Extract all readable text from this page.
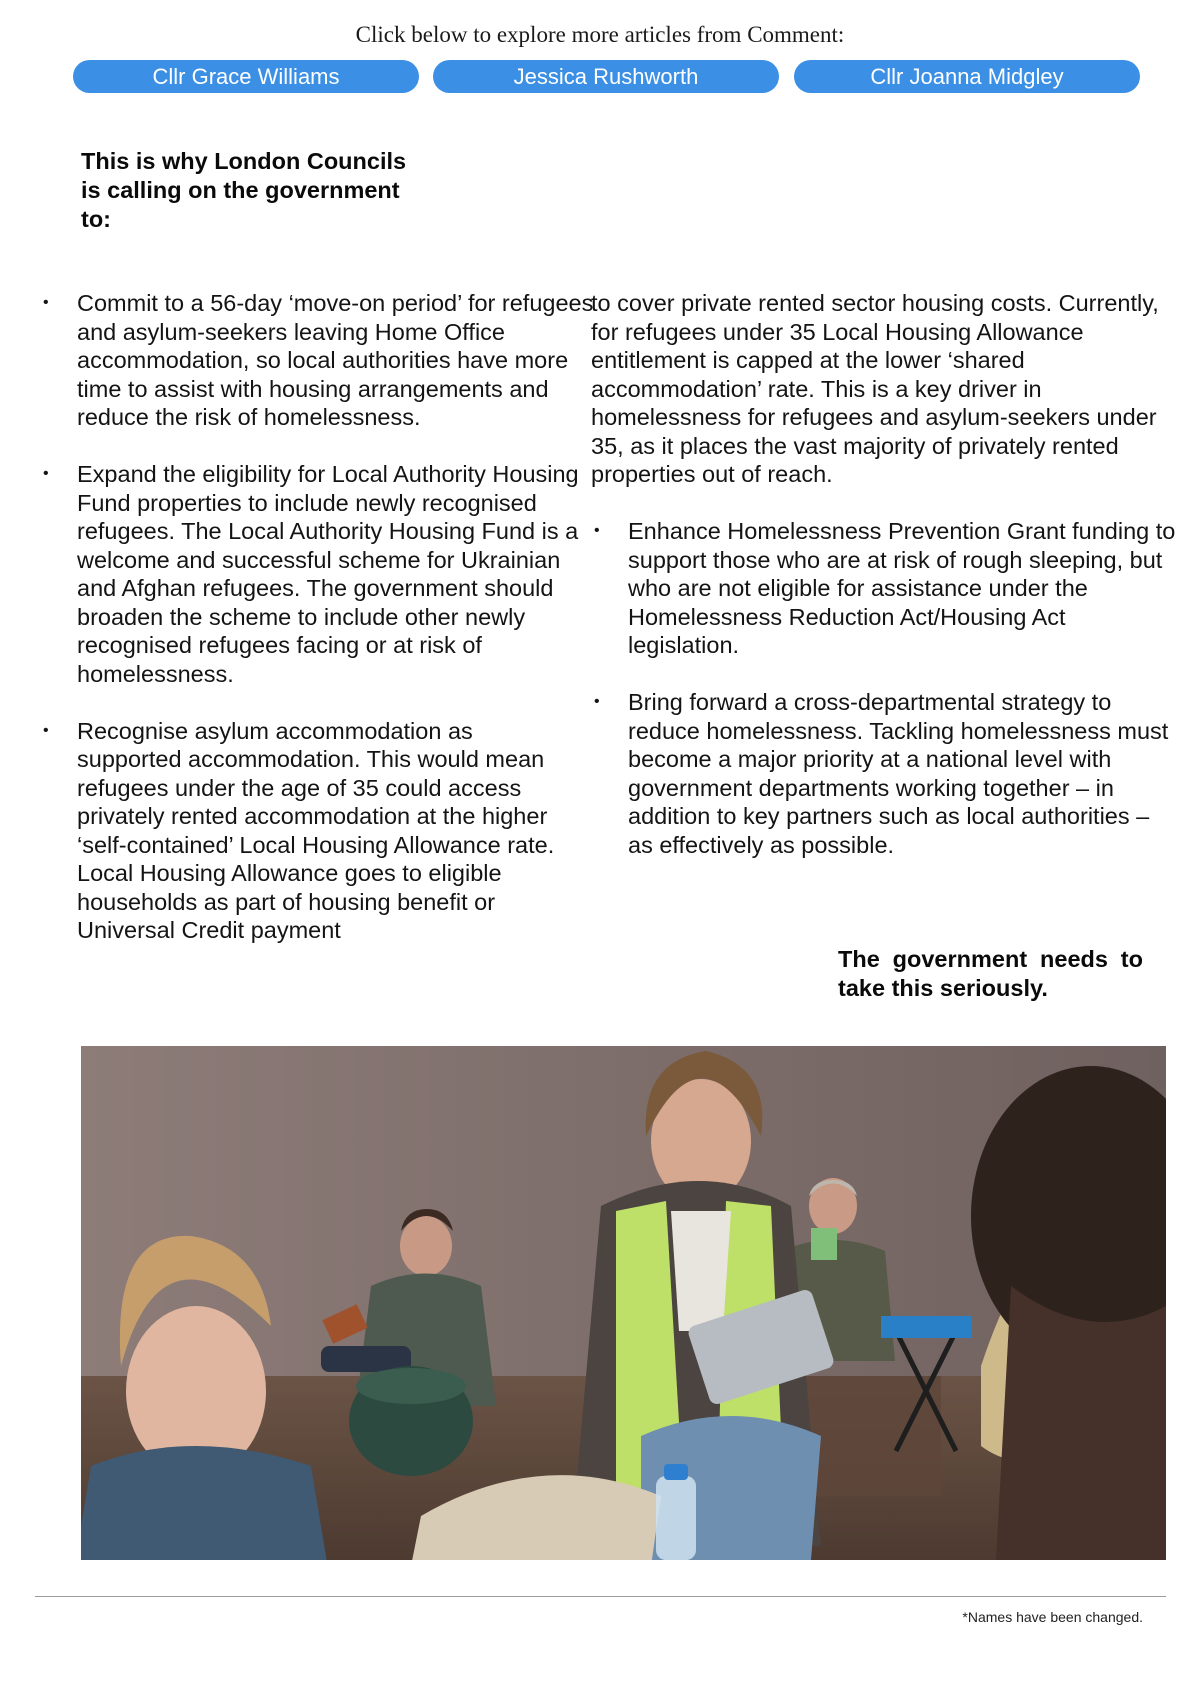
Click below to explore more articles from Comment:

Cllr Grace Williams	Jessica Rushworth	Cllr Joanna Midgley
This is why London Councils is calling on the government to:

• Commit to a 56-day ‘move-on period’ for refugees and asylum-seekers leaving Home Office accommodation, so local authorities have more time to assist with housing arrangements and reduce the risk of homelessness.

• Expand the eligibility for Local Authority Housing Fund properties to include newly recognised refugees. The Local Authority Housing Fund is a welcome and successful scheme for Ukrainian and Afghan refugees. The government should broaden the scheme to include other newly recognised refugees facing or at risk of homelessness.

• Recognise asylum accommodation as supported accommodation. This would mean refugees under the age of 35 could access privately rented accommodation at the higher ‘self-contained’ Local Housing Allowance rate. Local Housing Allowance goes to eligible households as part of housing benefit or Universal Credit payment

to cover private rented sector housing costs. Currently, for refugees under 35 Local Housing Allowance entitlement is capped at the lower ‘shared accommodation’ rate. This is a key driver in homelessness for refugees and asylum-seekers under 35, as it places the vast majority of privately rented properties out of reach.

• Enhance Homelessness Prevention Grant funding to support those who are at risk of rough sleeping, but who are not eligible for assistance under the Homelessness Reduction Act/Housing Act legislation.

• Bring forward a cross-departmental strategy to reduce homelessness. Tackling homelessness must become a major priority at a national level with government departments working together – in addition to key partners such as local authorities – as effectively as possible.

The government needs to take this seriously.

*Names have been changed.
